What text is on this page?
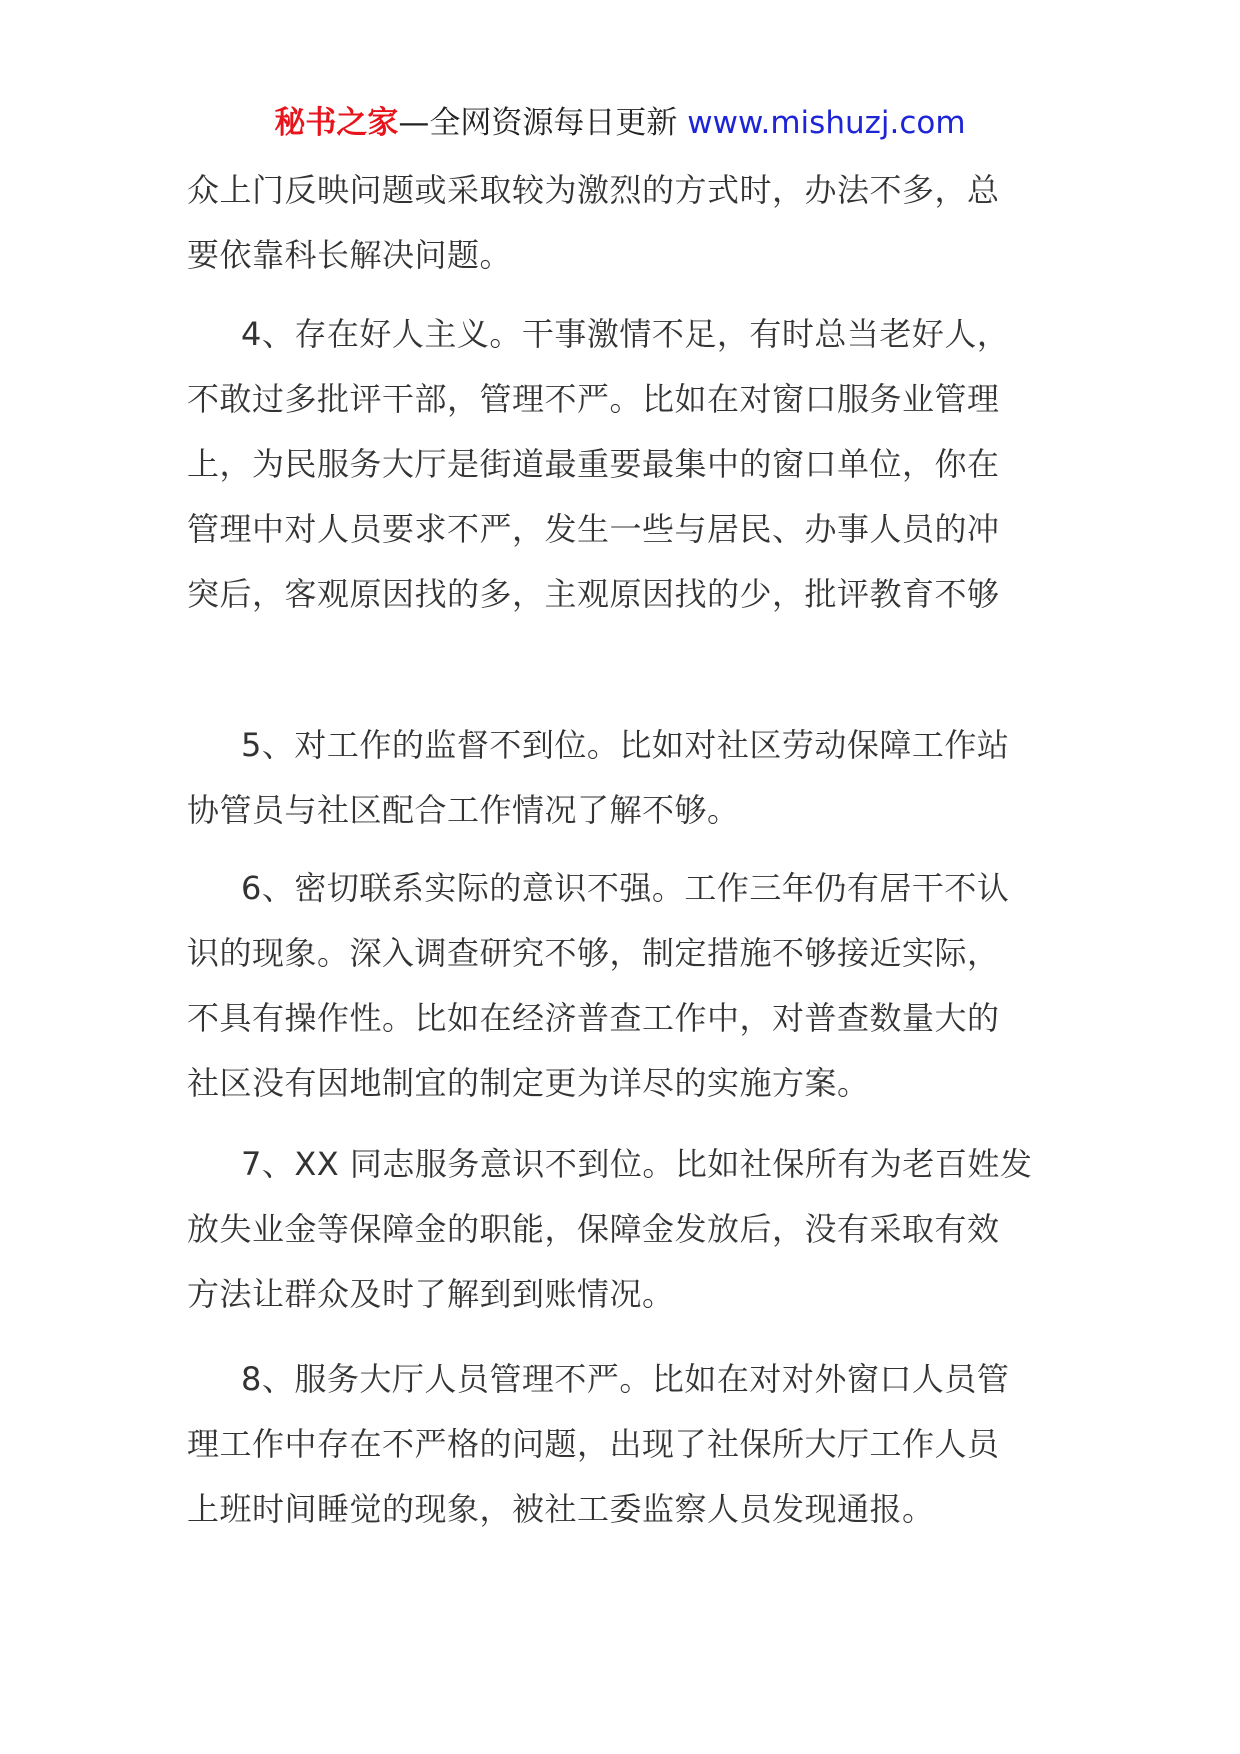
秘书之家—全网资源每日更新 www.mishuzj.com
众上门反映问题或采取较为激烈的方式时，办法不多，总
要依靠科长解决问题。
4、存在好人主义。干事激情不足，有时总当老好人，
不敢过多批评干部，管理不严。比如在对窗口服务业管理
上，为民服务大厅是街道最重要最集中的窗口单位，你在
管理中对人员要求不严，发生一些与居民、办事人员的冲
突后，客观原因找的多，主观原因找的少，批评教育不够
5、对工作的监督不到位。比如对社区劳动保障工作站
协管员与社区配合工作情况了解不够。
6、密切联系实际的意识不强。工作三年仍有居干不认
识的现象。深入调查研究不够，制定措施不够接近实际，
不具有操作性。比如在经济普查工作中，对普查数量大的
社区没有因地制宜的制定更为详尽的实施方案。
7、XX 同志服务意识不到位。比如社保所有为老百姓发
放失业金等保障金的职能，保障金发放后，没有采取有效
方法让群众及时了解到到账情况。
8、服务大厅人员管理不严。比如在对对外窗口人员管
理工作中存在不严格的问题，出现了社保所大厅工作人员
上班时间睡觉的现象，被社工委监察人员发现通报。
